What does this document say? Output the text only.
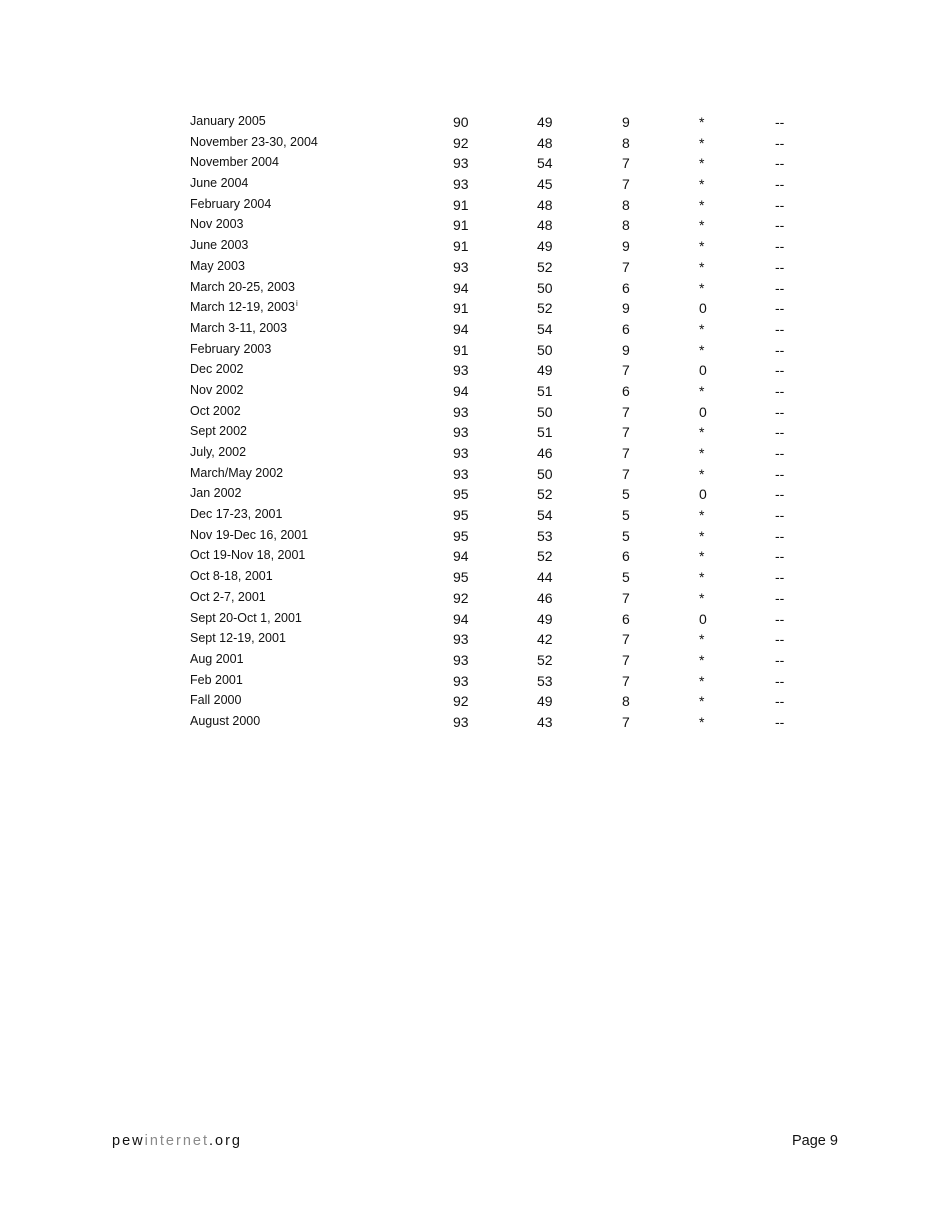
January 2005	90	49	9	*	--
November 23-30, 2004	92	48	8	*	--
November 2004	93	54	7	*	--
June 2004	93	45	7	*	--
February 2004	91	48	8	*	--
Nov 2003	91	48	8	*	--
June 2003	91	49	9	*	--
May 2003	93	52	7	*	--
March 20-25, 2003	94	50	6	*	--
March 12-19, 2003$^i$	91	52	9	0	--
March 3-11, 2003	94	54	6	*	--
February 2003	91	50	9	*	--
Dec 2002	93	49	7	0	--
Nov 2002	94	51	6	*	--
Oct 2002	93	50	7	0	--
Sept 2002	93	51	7	*	--
July, 2002	93	46	7	*	--
March/May 2002	93	50	7	*	--
Jan 2002	95	52	5	0	--
Dec 17-23, 2001	95	54	5	*	--
Nov 19-Dec 16, 2001	95	53	5	*	--
Oct 19-Nov 18, 2001	94	52	6	*	--
Oct 8-18, 2001	95	44	5	*	--
Oct 2-7, 2001	92	46	7	*	--
Sept 20-Oct 1, 2001	94	49	6	0	--
Sept 12-19, 2001	93	42	7	*	--
Aug 2001	93	52	7	*	--
Feb 2001	93	53	7	*	--
Fall 2000	92	49	8	*	--
August 2000	93	43	7	*	--
pewinternet.org	Page 9
